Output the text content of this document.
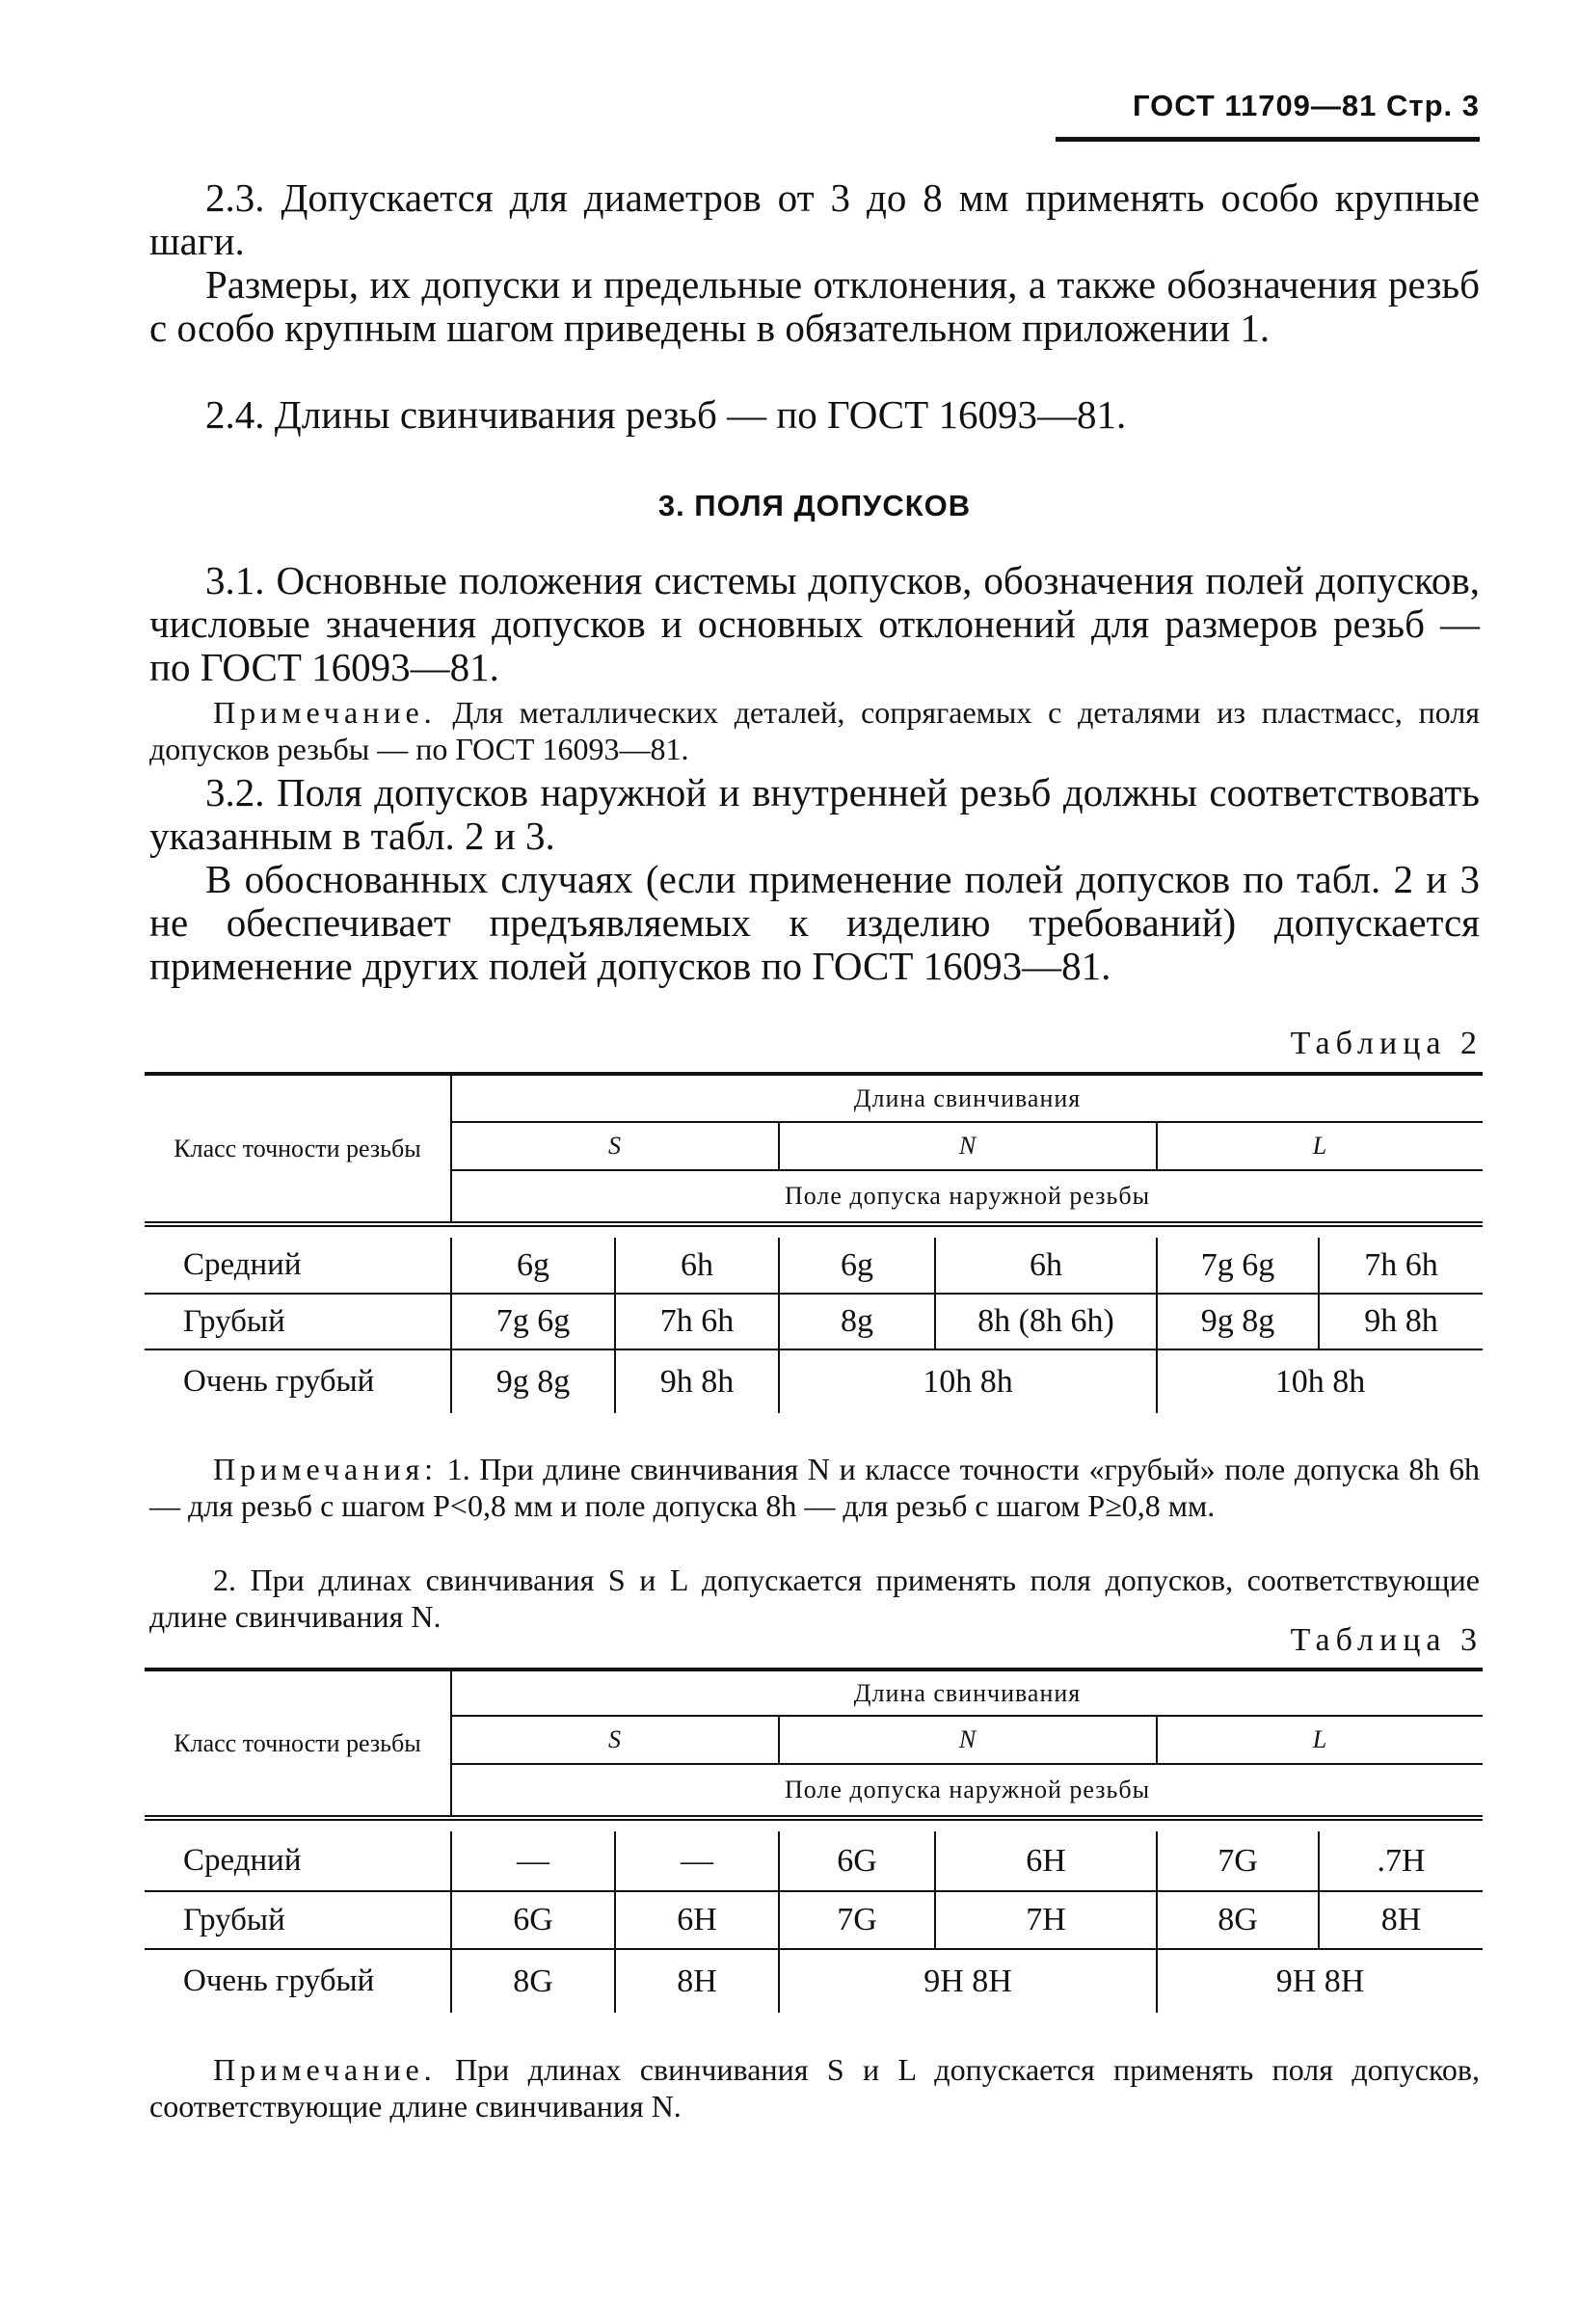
ГОСТ 11709—81 Стр. 3
2.3. Допускается для диаметров от 3 до 8 мм применять особо крупные шаги.
Размеры, их допуски и предельные отклонения, а также обозначения резьб с особо крупным шагом приведены в обязательном приложении 1.
2.4. Длины свинчивания резьб — по ГОСТ 16093—81.
3. ПОЛЯ ДОПУСКОВ
3.1. Основные положения системы допусков, обозначения полей допусков, числовые значения допусков и основных отклонений для размеров резьб — по ГОСТ 16093—81.
Примечание. Для металлических деталей, сопрягаемых с деталями из пластмасс, поля допусков резьбы — по ГОСТ 16093—81.
3.2. Поля допусков наружной и внутренней резьб должны соответствовать указанным в табл. 2 и 3.
В обоснованных случаях (если применение полей допусков по табл. 2 и 3 не обеспечивает предъявляемых к изделию требований) допускается применение других полей допусков по ГОСТ 16093—81.
Таблица 2
Класс точности резьбы	Длина свинчивания					
	S		N		L	
	Поле допуска наружной резьбы					

Средний	6g	6h	6g	6h	7g 6g	7h 6h
Грубый	7g 6g	7h 6h	8g	8h (8h 6h)	9g 8g	9h 8h
Очень грубый	9g 8g	9h 8h	10h 8h		10h 8h	
Примечания: 1. При длине свинчивания N и классе точности «грубый» поле допуска 8h 6h — для резьб с шагом P<0,8 мм и поле допуска 8h — для резьб с шагом P≥0,8 мм.
2. При длинах свинчивания S и L допускается применять поля допусков, соответствующие длине свинчивания N.
Таблица 3
Класс точности резьбы	Длина свинчивания					
	S		N		L	
	Поле допуска наружной резьбы					

Средний	—	—	6G	6H	7G	.7H
Грубый	6G	6H	7G	7H	8G	8H
Очень грубый	8G	8H	9H 8H		9H 8H	
Примечание. При длинах свинчивания S и L допускается применять поля допусков, соответствующие длине свинчивания N.
